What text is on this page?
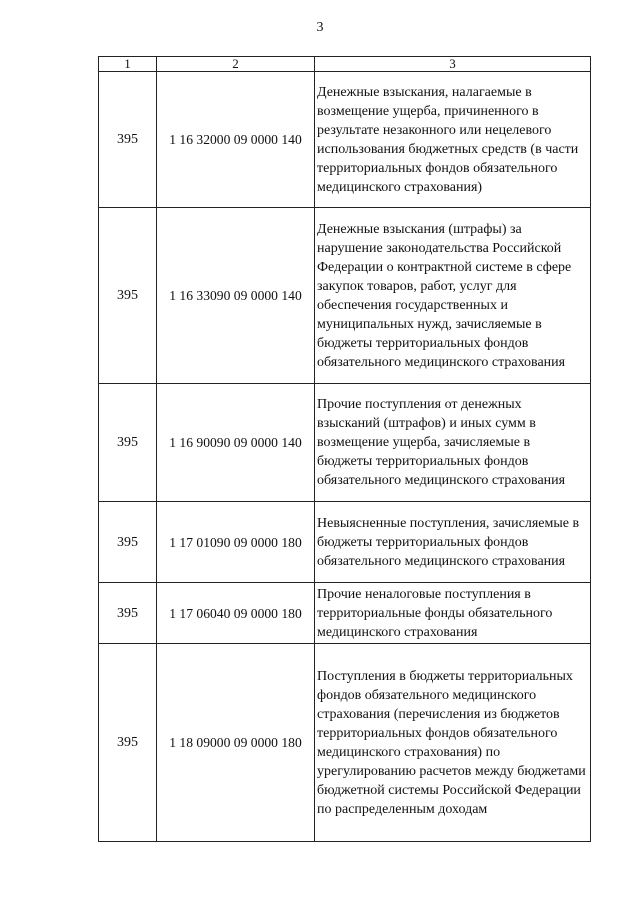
3
1	2	3
395	1 16 32000 09 0000 140	Денежные взыскания, налагаемые в возмещение ущерба, причиненного в результате незаконного или нецелевого использования бюджетных средств (в части территориальных фондов обязательного медицинского страхования)
395	1 16 33090 09 0000 140	Денежные взыскания (штрафы) за нарушение законодательства Российской Федерации о контрактной системе в сфере закупок товаров, работ, услуг для обеспечения государственных и муниципальных нужд, зачисляемые в бюджеты территориальных фондов обязательного медицинского страхования
395	1 16 90090 09 0000 140	Прочие поступления от денежных взысканий (штрафов) и иных сумм в возмещение ущерба, зачисляемые в бюджеты территориальных фондов обязательного медицинского страхования
395	1 17 01090 09 0000 180	Невыясненные поступления, зачисляемые в бюджеты территориальных фондов обязательного медицинского страхования
395	1 17 06040 09 0000 180	Прочие неналоговые поступления в территориальные фонды обязательного медицинского страхования
395	1 18 09000 09 0000 180	Поступления в бюджеты территориальных фондов обязательного медицинского страхования (перечисления из бюджетов территориальных фондов обязательного медицинского страхования) по урегулированию расчетов между бюджетами бюджетной системы Российской Федерации по распределенным доходам
